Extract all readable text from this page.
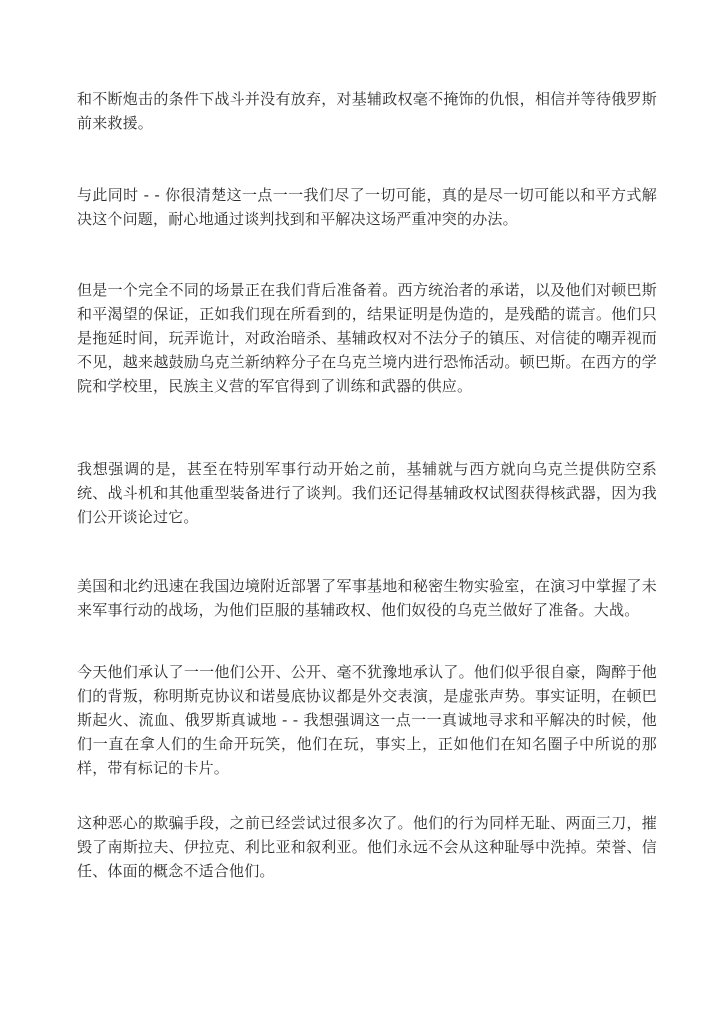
和不断炮击的条件下战斗并没有放弃，对基辅政权毫不掩饰的仇恨，相信并等待俄罗斯前来救援。

与此同时 - - 你很清楚这一点一一我们尽了一切可能，真的是尽一切可能以和平方式解决这个问题，耐心地通过谈判找到和平解决这场严重冲突的办法。

但是一个完全不同的场景正在我们背后准备着。西方统治者的承诺，以及他们对顿巴斯和平渴望的保证，正如我们现在所看到的，结果证明是伪造的，是残酷的谎言。他们只是拖延时间，玩弄诡计，对政治暗杀、基辅政权对不法分子的镇压、对信徒的嘲弄视而不见，越来越鼓励乌克兰新纳粹分子在乌克兰境内进行恐怖活动。顿巴斯。在西方的学院和学校里，民族主义营的军官得到了训练和武器的供应。

我想强调的是，甚至在特别军事行动开始之前，基辅就与西方就向乌克兰提供防空系统、战斗机和其他重型装备进行了谈判。我们还记得基辅政权试图获得核武器，因为我们公开谈论过它。

美国和北约迅速在我国边境附近部署了军事基地和秘密生物实验室，在演习中掌握了未来军事行动的战场，为他们臣服的基辅政权、他们奴役的乌克兰做好了准备。大战。

今天他们承认了一一他们公开、公开、毫不犹豫地承认了。他们似乎很自豪，陶醉于他们的背叛，称明斯克协议和诺曼底协议都是外交表演，是虚张声势。事实证明，在顿巴斯起火、流血、俄罗斯真诚地 - - 我想强调这一点一一真诚地寻求和平解决的时候，他们一直在拿人们的生命开玩笑，他们在玩，事实上，正如他们在知名圈子中所说的那样，带有标记的卡片。

这种恶心的欺骗手段，之前已经尝试过很多次了。他们的行为同样无耻、两面三刀，摧毁了南斯拉夫、伊拉克、利比亚和叙利亚。他们永远不会从这种耻辱中洗掉。荣誉、信任、体面的概念不适合他们。
